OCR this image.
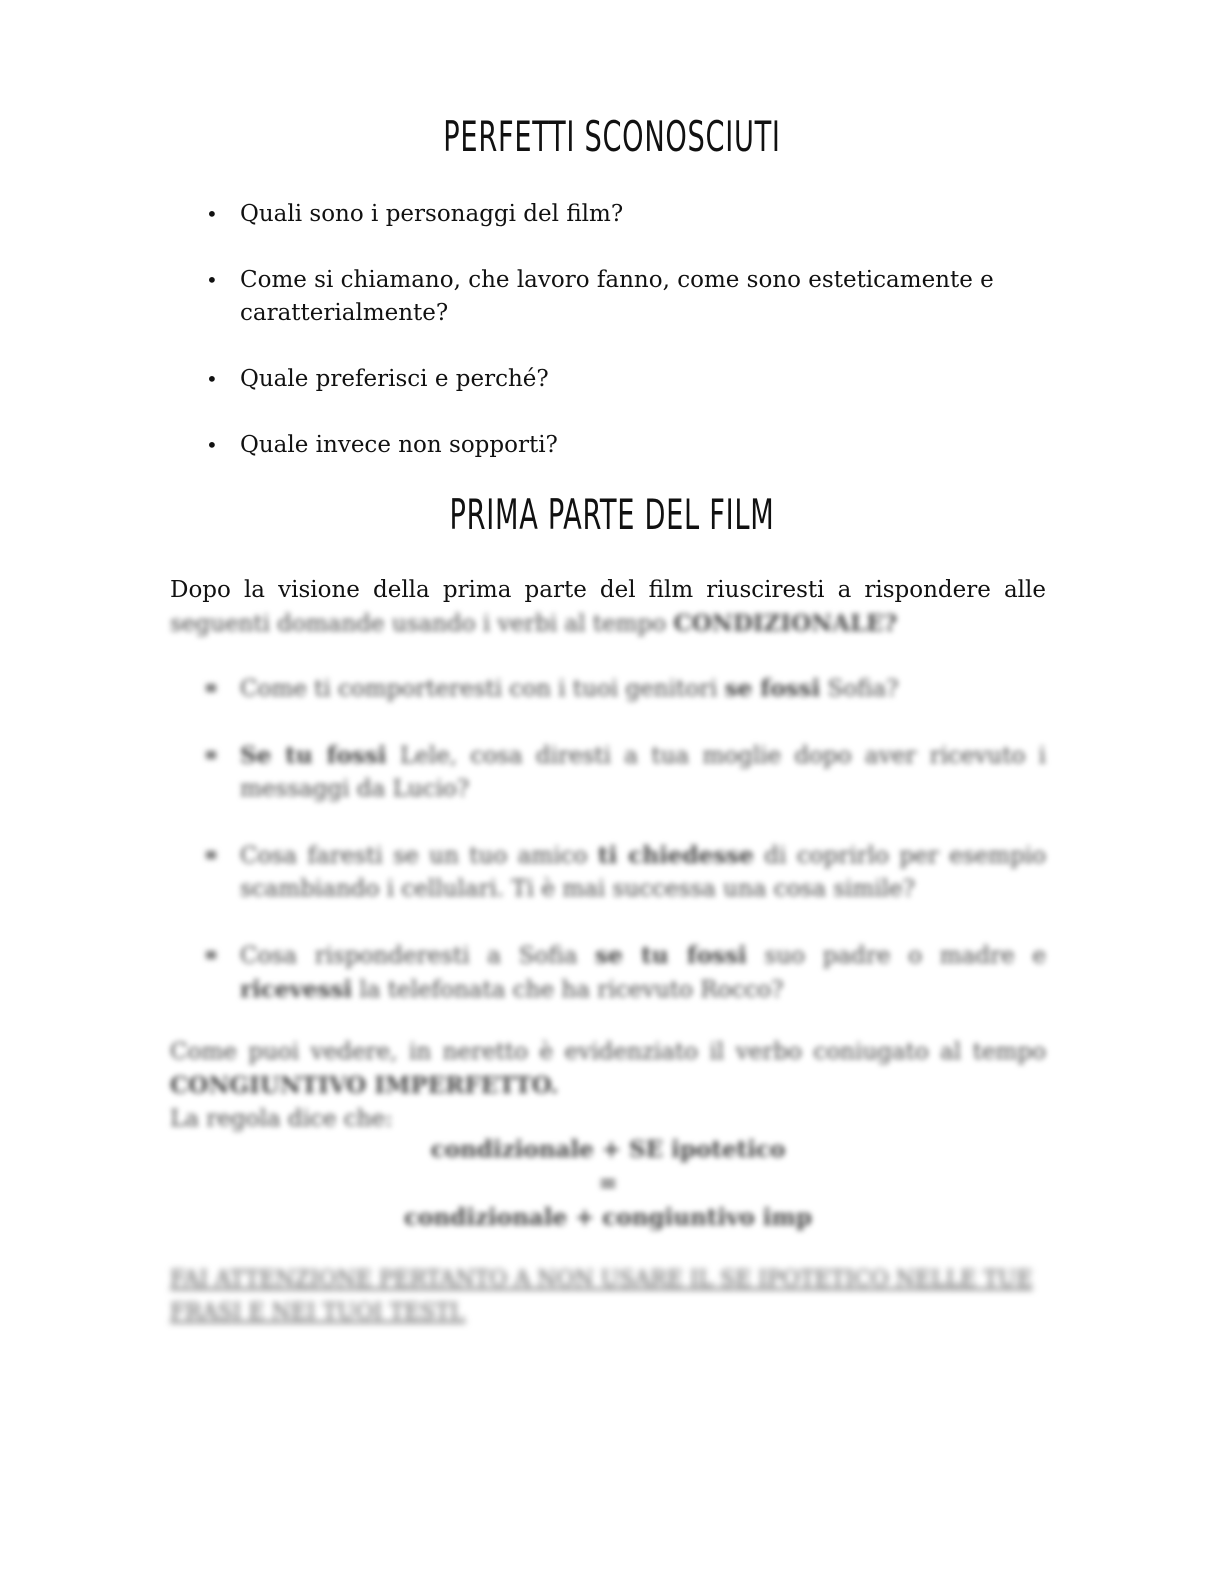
PERFETTI SCONOSCIUTI
• Quali sono i personaggi del film?
• Come si chiamano, che lavoro fanno, come sono esteticamente e caratterialmente?
• Quale preferisci e perché?
• Quale invece non sopporti?
PRIMA PARTE DEL FILM
Dopo la visione della prima parte del film riusciresti a rispondere alle seguenti domande usando i verbi al tempo CONDIZIONALE?
Come ti comporteresti con i tuoi genitori se fossi Sofia?
Se tu fossi Lele, cosa diresti a tua moglie dopo aver ricevuto i messaggi da Lucio?
Cosa faresti se un tuo amico ti chiedesse di coprirlo per esempio scambiando i cellulari. Ti è mai successa una cosa simile?
Cosa risponderesti a Sofia se tu fossi suo padre o madre e ricevessi la telefonata che ha ricevuto Rocco?
Come puoi vedere, in neretto è evidenziato il verbo coniugato al tempo CONGIUNTIVO IMPERFETTO.
La regola dice che:
condizionale + SE ipotetico
=
condizionale + congiuntivo imp
FAI ATTENZIONE PERTANTO A NON USARE IL SE IPOTETICO NELLE TUE FRASI E NEI TUOI TESTI.
